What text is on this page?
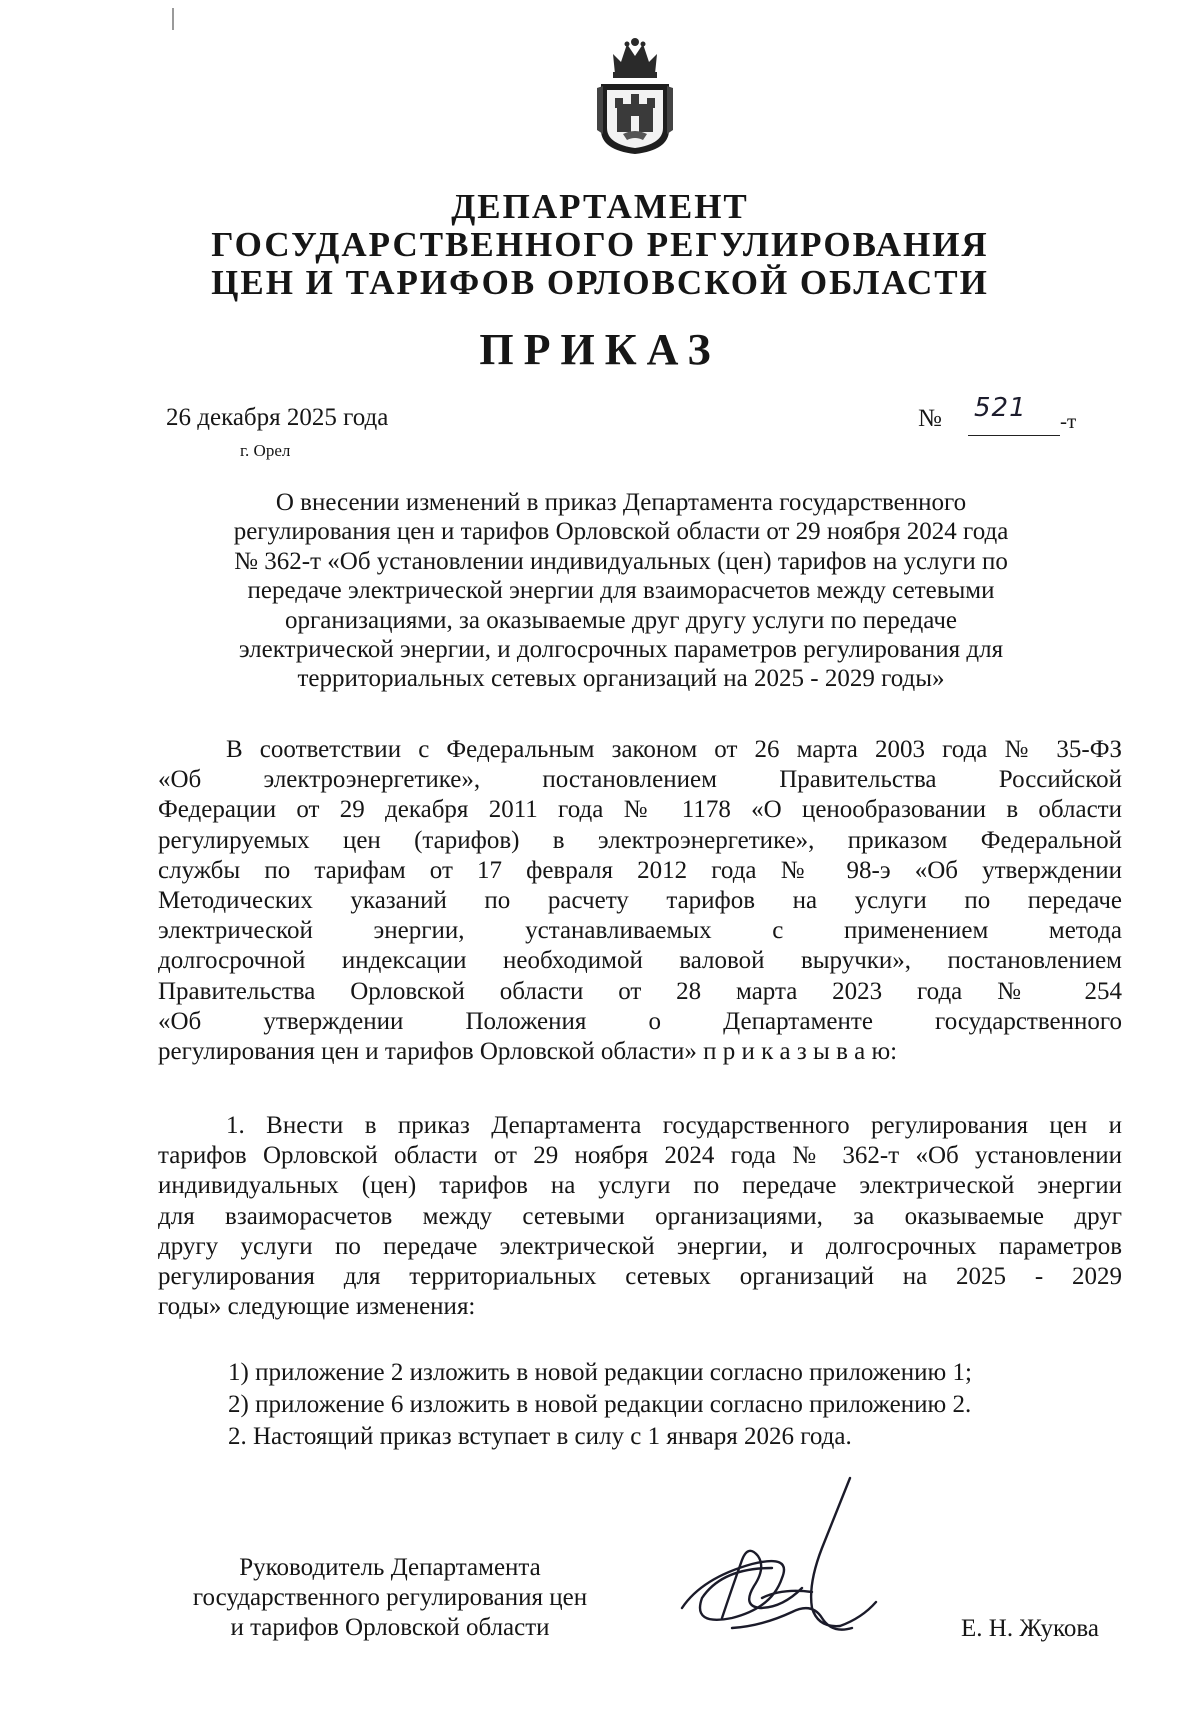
ДЕПАРТАМЕНТ
ГОСУДАРСТВЕННОГО РЕГУЛИРОВАНИЯ
ЦЕН И ТАРИФОВ ОРЛОВСКОЙ ОБЛАСТИ
ПРИКАЗ
26 декабря 2025 года
г. Орел
№ 521 -т
О внесении изменений в приказ Департамента государственного
регулирования цен и тарифов Орловской области от 29 ноября 2024 года
№ 362-т «Об установлении индивидуальных (цен) тарифов на услуги по
передаче электрической энергии для взаиморасчетов между сетевыми
организациями, за оказываемые друг другу услуги по передаче
электрической энергии, и долгосрочных параметров регулирования для
территориальных сетевых организаций на 2025 - 2029 годы»
В соответствии с Федеральным законом от 26 марта 2003 года № 35-ФЗ
«Об электроэнергетике», постановлением Правительства Российской
Федерации от 29 декабря 2011 года № 1178 «О ценообразовании в области
регулируемых цен (тарифов) в электроэнергетике», приказом Федеральной
службы по тарифам от 17 февраля 2012 года № 98-э «Об утверждении
Методических указаний по расчету тарифов на услуги по передаче
электрической энергии, устанавливаемых с применением метода
долгосрочной индексации необходимой валовой выручки», постановлением
Правительства Орловской области от 28 марта 2023 года № 254
«Об утверждении Положения о Департаменте государственного
регулирования цен и тарифов Орловской области» п р и к а з ы в а ю:
1. Внести в приказ Департамента государственного регулирования цен и
тарифов Орловской области от 29 ноября 2024 года № 362-т «Об установлении
индивидуальных (цен) тарифов на услуги по передаче электрической энергии
для взаиморасчетов между сетевыми организациями, за оказываемые друг
другу услуги по передаче электрической энергии, и долгосрочных параметров
регулирования для территориальных сетевых организаций на 2025 - 2029
годы» следующие изменения:
1) приложение 2 изложить в новой редакции согласно приложению 1;
2) приложение 6 изложить в новой редакции согласно приложению 2.
2. Настоящий приказ вступает в силу с 1 января 2026 года.
Руководитель Департамента
государственного регулирования цен
и тарифов Орловской области	Е. Н. Жукова
